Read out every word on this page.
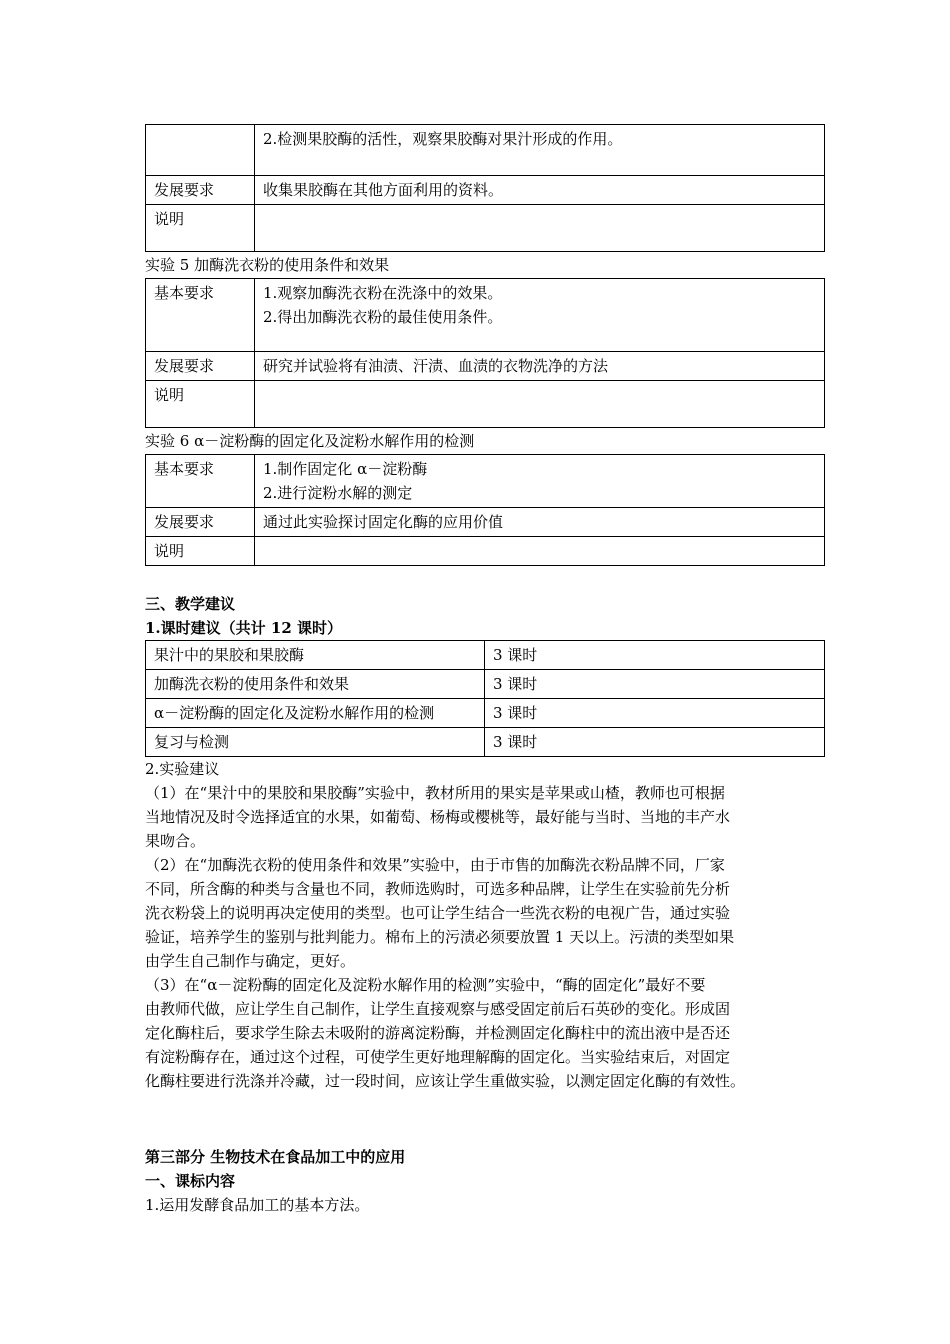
	2.检测果胶酶的活性，观察果胶酶对果汁形成的作用。

发展要求	收集果胶酶在其他方面利用的资料。

说明	
实验 5 加酶洗衣粉的使用条件和效果
基本要求	1.观察加酶洗衣粉在洗涤中的效果。
2.得出加酶洗衣粉的最佳使用条件。

发展要求	研究并试验将有油渍、汗渍、血渍的衣物洗净的方法

说明	
实验 6 α－淀粉酶的固定化及淀粉水解作用的检测
基本要求	1.制作固定化 α－淀粉酶
2.进行淀粉水解的测定

发展要求	通过此实验探讨固定化酶的应用价值

说明	
三、教学建议
1.课时建议（共计 12 课时）
果汁中的果胶和果胶酶	3 课时
加酶洗衣粉的使用条件和效果	3 课时
α－淀粉酶的固定化及淀粉水解作用的检测	3 课时
复习与检测	3 课时
2.实验建议
（1）在“果汁中的果胶和果胶酶”实验中，教材所用的果实是苹果或山楂，教师也可根据
当地情况及时令选择适宜的水果，如葡萄、杨梅或樱桃等，最好能与当时、当地的丰产水
果吻合。
（2）在“加酶洗衣粉的使用条件和效果”实验中，由于市售的加酶洗衣粉品牌不同，厂家
不同，所含酶的种类与含量也不同，教师选购时，可选多种品牌，让学生在实验前先分析
洗衣粉袋上的说明再决定使用的类型。也可让学生结合一些洗衣粉的电视广告，通过实验
验证，培养学生的鉴别与批判能力。棉布上的污渍必须要放置 1 天以上。污渍的类型如果
由学生自己制作与确定，更好。
（3）在“α－淀粉酶的固定化及淀粉水解作用的检测”实验中，“酶的固定化”最好不要
由教师代做，应让学生自己制作，让学生直接观察与感受固定前后石英砂的变化。形成固
定化酶柱后，要求学生除去未吸附的游离淀粉酶，并检测固定化酶柱中的流出液中是否还
有淀粉酶存在，通过这个过程，可使学生更好地理解酶的固定化。当实验结束后，对固定
化酶柱要进行洗涤并冷藏，过一段时间，应该让学生重做实验，以测定固定化酶的有效性。
第三部分 生物技术在食品加工中的应用
一、课标内容
1.运用发酵食品加工的基本方法。
